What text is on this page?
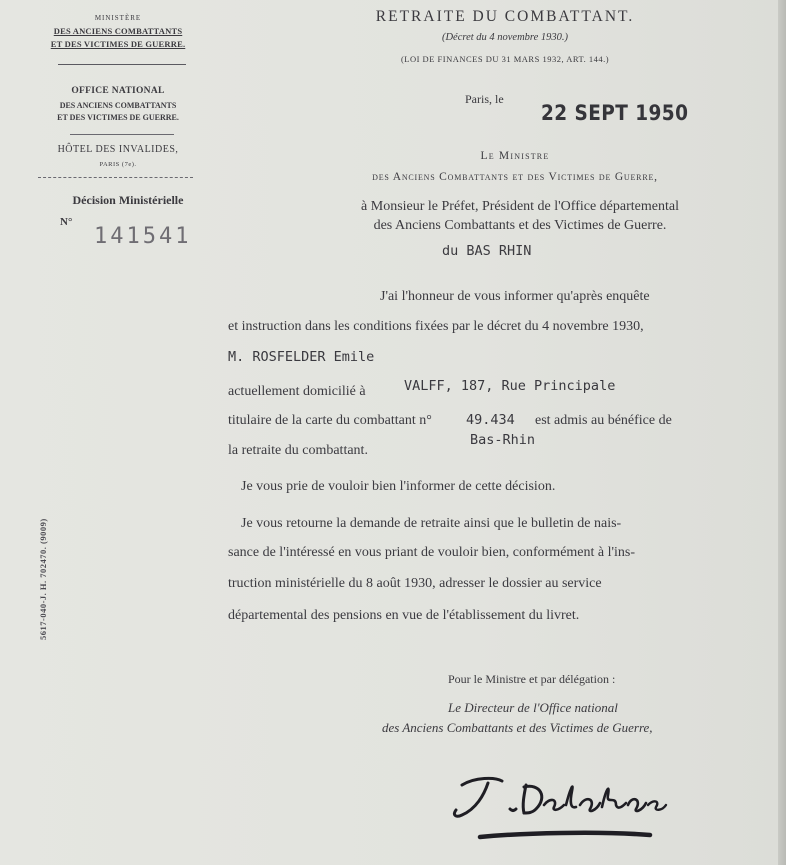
MINISTÈRE
DES ANCIENS COMBATTANTS
ET DES VICTIMES DE GUERRE.
OFFICE NATIONAL
DES ANCIENS COMBATTANTS
ET DES VICTIMES DE GUERRE.
HÔTEL DES INVALIDES,
PARIS (7e).
Décision Ministérielle
N°
141541
RETRAITE DU COMBATTANT.
(Décret du 4 novembre 1930.)
(LOI DE FINANCES DU 31 MARS 1932, ART. 144.)
Paris, le
22 SEPT 1950
Le Ministre
des Anciens Combattants et des Victimes de Guerre,
à Monsieur le Préfet, Président de l'Office départemental
des Anciens Combattants et des Victimes de Guerre.
du BAS RHIN
J'ai l'honneur de vous informer qu'après enquête
et instruction dans les conditions fixées par le décret du 4 novembre 1930,
M. ROSFELDER Emile
actuellement domicilié à	VALFF, 187, Rue Principale
titulaire de la carte du combattant n°	49.434 est admis au bénéfice de
la retraite du combattant.
Bas-Rhin
Je vous prie de vouloir bien l'informer de cette décision.
Je vous retourne la demande de retraite ainsi que le bulletin de nais-
sance de l'intéressé en vous priant de vouloir bien, conformément à l'ins-
truction ministérielle du 8 août 1930, adresser le dossier au service
départemental des pensions en vue de l'établissement du livret.
Pour le Ministre et par délégation :
Le Directeur de l'Office national
des Anciens Combattants et des Victimes de Guerre,
5617-040-J. H. 702470. (9009)
